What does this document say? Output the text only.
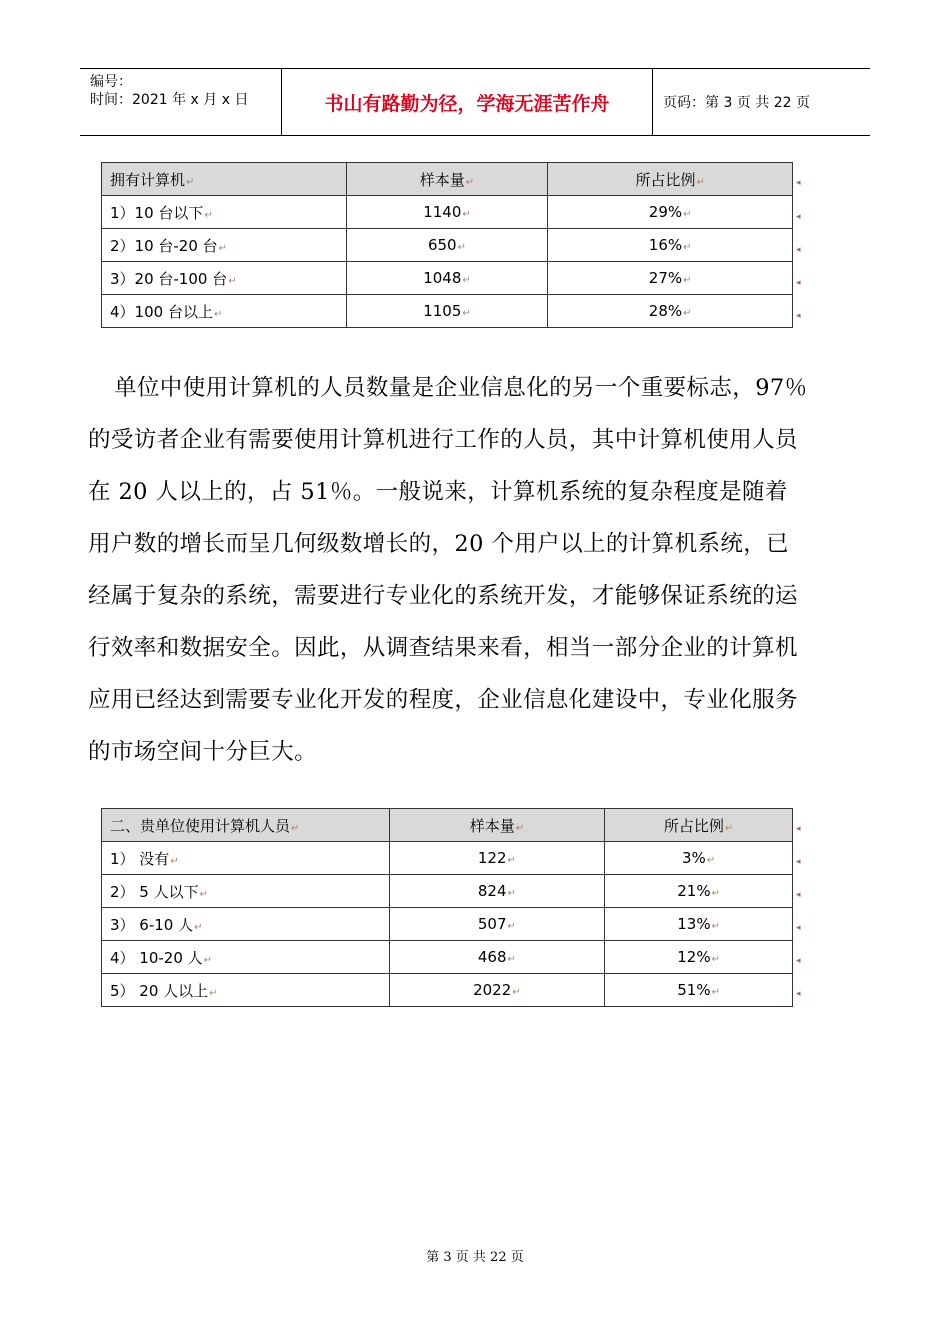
编号：
时间：2021 年 x 月 x 日	书山有路勤为径，学海无涯苦作舟	页码：第 3 页 共 22 页
拥有计算机↵	样本量↵	所占比例↵
1）10 台以下↵	1140↵	29%↵
2）10 台-20 台↵	650↵	16%↵
3）20 台-100 台↵	1048↵	27%↵
4）100 台以上↵	1105↵	28%↵
◂
◂
◂
◂
◂
单位中使用计算机的人员数量是企业信息化的另一个重要标志，97％的受访者企业有需要使用计算机进行工作的人员，其中计算机使用人员在 20 人以上的，占 51％。一般说来，计算机系统的复杂程度是随着用户数的增长而呈几何级数增长的，20 个用户以上的计算机系统，已经属于复杂的系统，需要进行专业化的系统开发，才能够保证系统的运行效率和数据安全。因此，从调查结果来看，相当一部分企业的计算机应用已经达到需要专业化开发的程度，企业信息化建设中，专业化服务的市场空间十分巨大。
二、贵单位使用计算机人员↵	样本量↵	所占比例↵
1） 没有↵	122↵	3%↵
2） 5 人以下↵	824↵	21%↵
3） 6-10 人↵	507↵	13%↵
4） 10-20 人↵	468↵	12%↵
5） 20 人以上↵	2022↵	51%↵
◂
◂
◂
◂
◂
◂
第 3 页 共 22 页
